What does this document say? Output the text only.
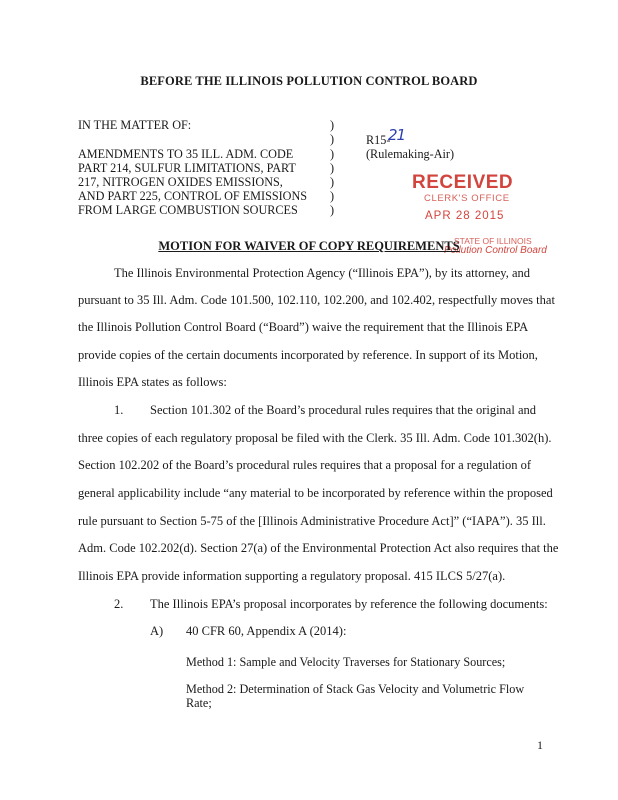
BEFORE THE ILLINOIS POLLUTION CONTROL BOARD
IN THE MATTER OF:
AMENDMENTS TO 35 ILL. ADM. CODE
PART 214, SULFUR LIMITATIONS, PART
217, NITROGEN OXIDES EMISSIONS,
AND PART 225, CONTROL OF EMISSIONS
FROM LARGE COMBUSTION SOURCES
)
)
)
)
)
)
)
R15-
21
(Rulemaking-Air)
RECEIVED
CLERK'S OFFICE
APR 28 2015
STATE OF ILLINOIS
Pollution Control Board
MOTION FOR WAIVER OF COPY REQUIREMENTS
The Illinois Environmental Protection Agency (“Illinois EPA”), by its attorney, and
pursuant to 35 Ill. Adm. Code 101.500, 102.110, 102.200, and 102.402, respectfully moves that
the Illinois Pollution Control Board (“Board”) waive the requirement that the Illinois EPA
provide copies of the certain documents incorporated by reference. In support of its Motion,
Illinois EPA states as follows:
1. Section 101.302 of the Board’s procedural rules requires that the original and
three copies of each regulatory proposal be filed with the Clerk. 35 Ill. Adm. Code 101.302(h).
Section 102.202 of the Board’s procedural rules requires that a proposal for a regulation of
general applicability include “any material to be incorporated by reference within the proposed
rule pursuant to Section 5-75 of the [Illinois Administrative Procedure Act]” (“IAPA”). 35 Ill.
Adm. Code 102.202(d). Section 27(a) of the Environmental Protection Act also requires that the
Illinois EPA provide information supporting a regulatory proposal. 415 ILCS 5/27(a).
2. The Illinois EPA’s proposal incorporates by reference the following documents:
A) 40 CFR 60, Appendix A (2014):
Method 1: Sample and Velocity Traverses for Stationary Sources;
Method 2: Determination of Stack Gas Velocity and Volumetric Flow
Rate;
1
